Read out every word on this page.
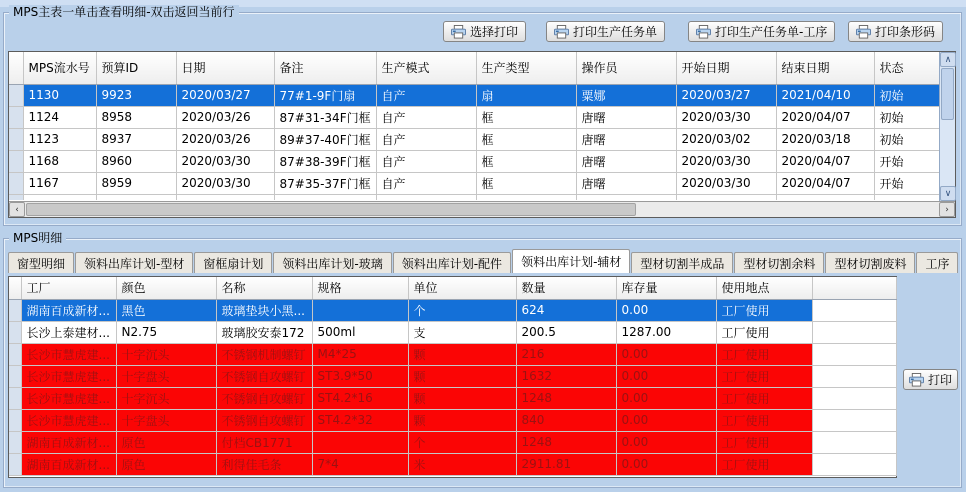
MPS主表一单击查看明细-双击返回当前行
选择打印	打印生产任务单	打印生产任务单-工序	打印条形码
	MPS流水号	预算ID	日期	备注	生产模式	生产类型	操作员	开始日期	结束日期	状态
	1130	9923	2020/03/27	77#1-9F门扇	自产	扇	粟娜	2020/03/27	2021/04/10	初始
	1124	8958	2020/03/26	87#31-34F门框	自产	框	唐曙	2020/03/30	2020/04/07	初始
	1123	8937	2020/03/26	89#37-40F门框	自产	框	唐曙	2020/03/02	2020/03/18	初始
	1168	8960	2020/03/30	87#38-39F门框	自产	框	唐曙	2020/03/30	2020/04/07	开始
	1167	8959	2020/03/30	87#35-37F门框	自产	框	唐曙	2020/03/30	2020/04/07	开始

∧
∨
‹	›
MPS明细
窗型明细	领料出库计划-型材	窗框扇计划	领料出库计划-玻璃	领料出库计划-配件	领料出库计划-辅材	型材切割半成品	型材切割余料	型材切割废料	工序
	工厂	颜色	名称	规格	单位	数量	库存量	使用地点	
	湖南百成新材...	黑色	玻璃垫块小黑...		个	624	0.00	工厂使用	
	长沙上泰建材...	N2.75	玻璃胶安泰172	500ml	支	200.5	1287.00	工厂使用	
	长沙市慧虎建...	十字沉头	不锈钢机制螺钉	M4*25	颗	216	0.00	工厂使用	
	长沙市慧虎建...	十字盘头	不锈钢自攻螺钉	ST3.9*50	颗	1632	0.00	工厂使用	
	长沙市慧虎建...	十字沉头	不锈钢自攻螺钉	ST4.2*16	颗	1248	0.00	工厂使用	
	长沙市慧虎建...	十字盘头	不锈钢自攻螺钉	ST4.2*32	颗	840	0.00	工厂使用	
	湖南百成新材...	原色	付档CB1771		个	1248	0.00	工厂使用	
	湖南百成新材...	原色	利得佳毛条	7*4	米	2911.81	0.00	工厂使用	
打印
